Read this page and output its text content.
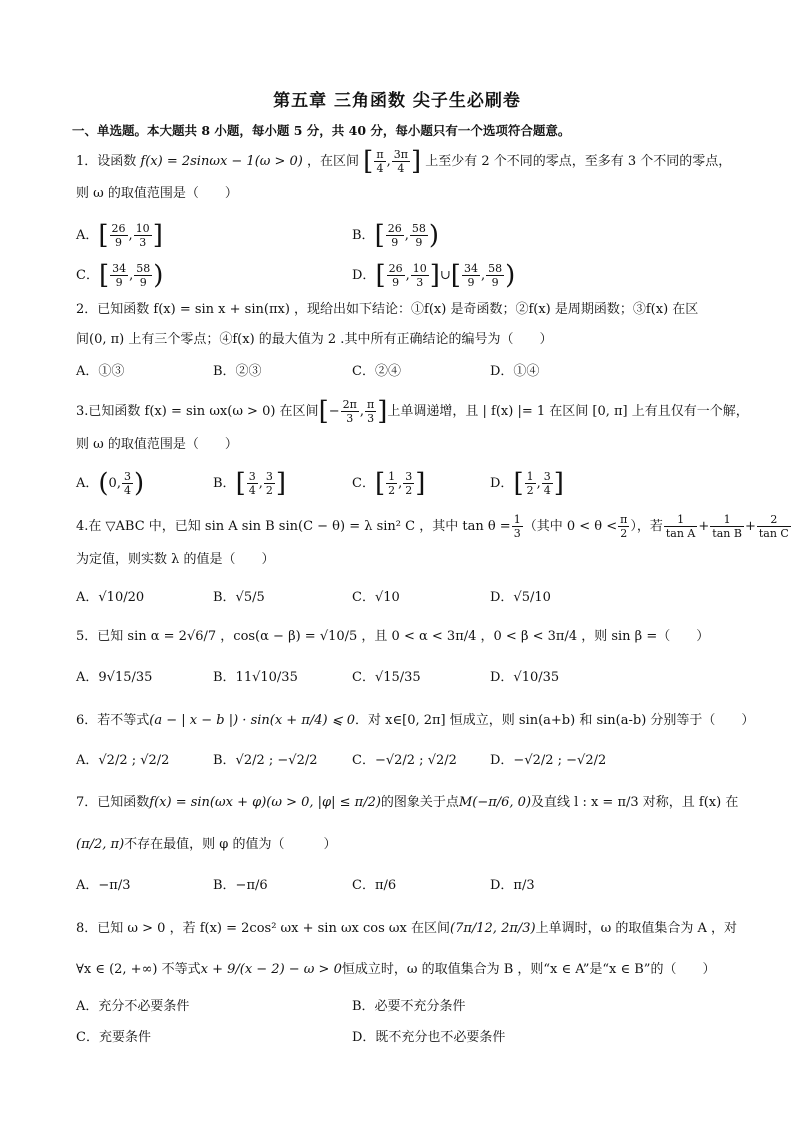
第五章 三角函数 尖子生必刷卷
一、单选题。本大题共 8 小题，每小题 5 分，共 40 分，每小题只有一个选项符合题意。
1．设函数 f(x) = 2sinωx − 1(ω > 0) ，在区间 [ $\frac{\pi}{4}$ , $\frac{3\pi}{4}$ ] 上至少有 2 个不同的零点，至多有 3 个不同的零点，
则 ω 的取值范围是（　　）
A．[ $\frac{26}{9}$ , $\frac{10}{3}$ ]	B．[ $\frac{26}{9}$ , $\frac{58}{9}$ )
C．[ $\frac{34}{9}$ , $\frac{58}{9}$ )	D．[ $\frac{26}{9}$ , $\frac{10}{3}$ ]∪[ $\frac{34}{9}$ , $\frac{58}{9}$ )
2．已知函数 f(x) = sin x + sin(πx) ，现给出如下结论：①f(x) 是奇函数；②f(x) 是周期函数；③f(x) 在区
间(0, π) 上有三个零点；④f(x) 的最大值为 2 .其中所有正确结论的编号为（　　）
A．①③	B．②③	C．②④	D．①④
3.已知函数 f(x) = sin ωx(ω > 0) 在区间[− $\frac{2\pi}{3}$ , $\frac{\pi}{3}$ ]上单调递增，且 | f(x) |= 1 在区间 [0, π] 上有且仅有一个解，
则 ω 的取值范围是（　　）
A．(0, $\frac{3}{4}$ )	B．[ $\frac{3}{4}$ , $\frac{3}{2}$ ]	C．[ $\frac{1}{2}$ , $\frac{3}{2}$ ]	D．[ $\frac{1}{2}$ , $\frac{3}{4}$ ]
4.在 ▽ABC 中，已知 sin A sin B sin(C − θ) = λ sin² C ，其中 $\tan \theta = \frac{1}{3}$ （其中 $0 < \theta < \frac{\pi}{2}$ ），若 $\frac{1}{\text{tan A}} + \frac{1}{\text{tan B}} + \frac{2}{\text{tan C}}$
为定值，则实数 λ 的值是（　　）
A．√10/20	B．√5/5	C．√10	D．√5/10
5．已知 sin α = 2√6/7 ，cos(α − β) = √10/5 ，且 0 < α < 3π/4 ，0 < β < 3π/4 ，则 sin β =（　　）
A．9√15/35	B．11√10/35	C．√15/35	D．√10/35
6．若不等式(a − | x − b |) · sin(x + π/4) ⩽ 0．对 x∈[0, 2π] 恒成立，则 sin(a+b) 和 sin(a-b) 分别等于（　　）
A．√2/2 ; √2/2	B．√2/2 ; −√2/2	C．−√2/2 ; √2/2	D．−√2/2 ; −√2/2
7．已知函数f(x) = sin(ωx + φ)(ω > 0, |φ| ≤ π/2)的图象关于点M(−π/6, 0)及直线 l : x = π/3 对称，且 f(x) 在
(π/2, π)不存在最值，则 φ 的值为（　　　）
A．−π/3	B．−π/6	C．π/6	D．π/3
8．已知 ω > 0 ，若 f(x) = 2cos² ωx + sin ωx cos ωx 在区间(7π/12, 2π/3)上单调时，ω 的取值集合为 A ，对
∀x ∈ (2, +∞) 不等式x + 9/(x − 2) − ω > 0恒成立时，ω 的取值集合为 B ，则“x ∈ A”是“x ∈ B”的（　　）
A．充分不必要条件	B．必要不充分条件
C．充要条件	D．既不充分也不必要条件
